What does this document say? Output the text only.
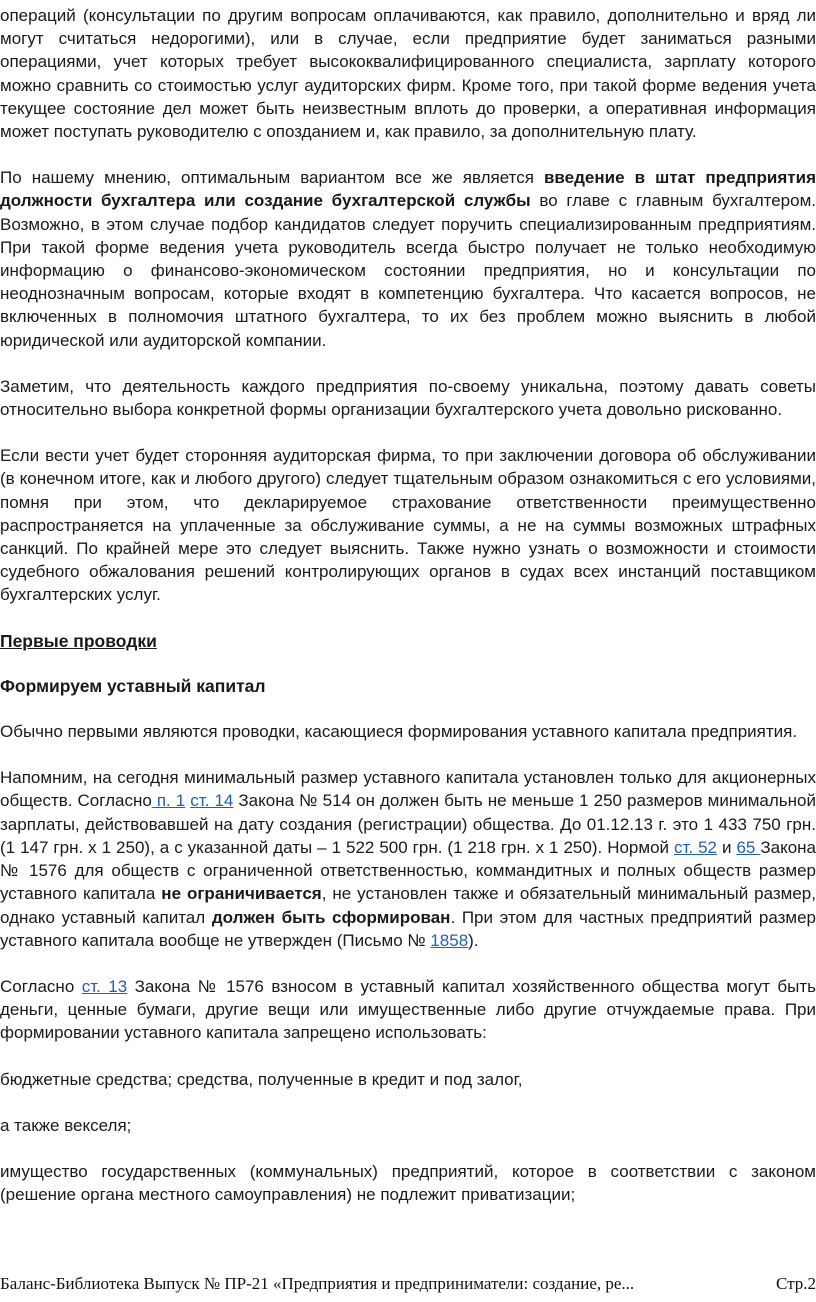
операций (консультации по другим вопросам оплачиваются, как правило, дополнительно и вряд ли могут считаться недорогими), или в случае, если предприятие будет заниматься разными операциями, учет которых требует высококвалифицированного специалиста, зарплату которого можно сравнить со стоимостью услуг аудиторских фирм. Кроме того, при такой форме ведения учета текущее состояние дел может быть неизвестным вплоть до проверки, а оперативная информация может поступать руководителю с опозданием и, как правило, за дополнительную плату.

По нашему мнению, оптимальным вариантом все же является введение в штат предприятия должности бухгалтера или создание бухгалтерской службы во главе с главным бухгалтером. Возможно, в этом случае подбор кандидатов следует поручить специализированным предприятиям. При такой форме ведения учета руководитель всегда быстро получает не только необходимую информацию о финансово-экономическом состоянии предприятия, но и консультации по неоднозначным вопросам, которые входят в компетенцию бухгалтера. Что касается вопросов, не включенных в полномочия штатного бухгалтера, то их без проблем можно выяснить в любой юридической или аудиторской компании.

Заметим, что деятельность каждого предприятия по-своему уникальна, поэтому давать советы относительно выбора конкретной формы организации бухгалтерского учета довольно рискованно.

Если вести учет будет сторонняя аудиторская фирма, то при заключении договора об обслуживании (в конечном итоге, как и любого другого) следует тщательным образом ознакомиться с его условиями, помня при этом, что декларируемое страхование ответственности преимущественно распространяется на уплаченные за обслуживание суммы, а не на суммы возможных штрафных санкций. По крайней мере это следует выяснить. Также нужно узнать о возможности и стоимости судебного обжалования решений контролирующих органов в судах всех инстанций поставщиком бухгалтерских услуг.

Первые проводки
Формируем уставный капитал

Обычно первыми являются проводки, касающиеся формирования уставного капитала предприятия.

Напомним, на сегодня минимальный размер уставного капитала установлен только для акционерных обществ. Согласно п. 1 ст. 14 Закона № 514 он должен быть не меньше 1 250 размеров минимальной зарплаты, действовавшей на дату создания (регистрации) общества. До 01.12.13 г. это 1 433 750 грн. (1 147 грн. х 1 250), а с указанной даты – 1 522 500 грн. (1 218 грн. х 1 250). Нормой ст. 52 и 65 Закона № 1576 для обществ с ограниченной ответственностью, коммандитных и полных обществ размер уставного капитала не ограничивается, не установлен также и обязательный минимальный размер, однако уставный капитал должен быть сформирован. При этом для частных предприятий размер уставного капитала вообще не утвержден (Письмо № 1858).

Согласно ст. 13 Закона № 1576 взносом в уставный капитал хозяйственного общества могут быть деньги, ценные бумаги, другие вещи или имущественные либо другие отчуждаемые права. При формировании уставного капитала запрещено использовать:

бюджетные средства; средства, полученные в кредит и под залог,

а также векселя;

имущество государственных (коммунальных) предприятий, которое в соответствии с законом (решение органа местного самоуправления) не подлежит приватизации;

Баланс-Библиотека Выпуск № ПР-21 «Предприятия и предприниматели: создание, ре...	Стр.2
